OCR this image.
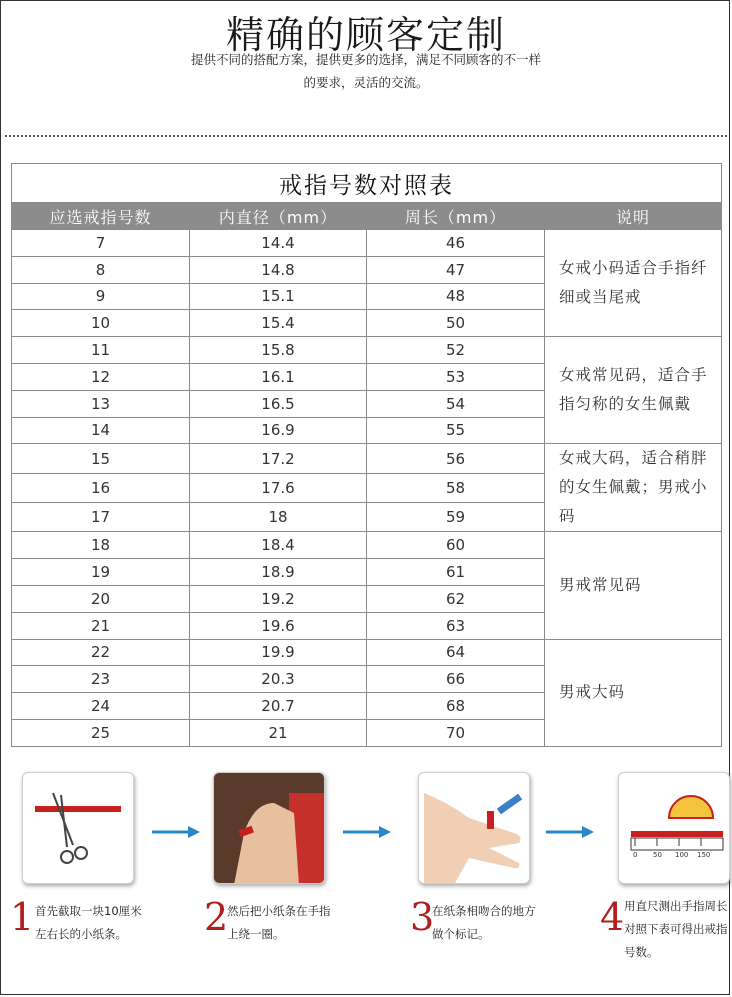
精确的顾客定制
提供不同的搭配方案，提供更多的选择，满足不同顾客的不一样
的要求，灵活的交流。
戒指号数对照表			
应选戒指号数	内直径（mm）	周长（mm）	说明
7	14.4	46	女戒小码适合手指纤细或当尾戒
8	14.8	47	
9	15.1	48	
10	15.4	50	
11	15.8	52	女戒常见码，适合手指匀称的女生佩戴
12	16.1	53	
13	16.5	54	
14	16.9	55	
15	17.2	56	女戒大码，适合稍胖的女生佩戴；男戒小码
16	17.6	58	
17	18	59	
18	18.4	60	男戒常见码
19	18.9	61	
20	19.2	62	
21	19.6	63	
22	19.9	64	男戒大码
23	20.3	66	
24	20.7	68	
25	21	70	
0 50 100 150
1 首先截取一块10厘米左右长的小纸条。	2
然后把小纸条在手指上绕一圈。	3
在纸条相吻合的地方做个标记。	4 用直尺测出手指周长对照下表可得出戒指号数。
